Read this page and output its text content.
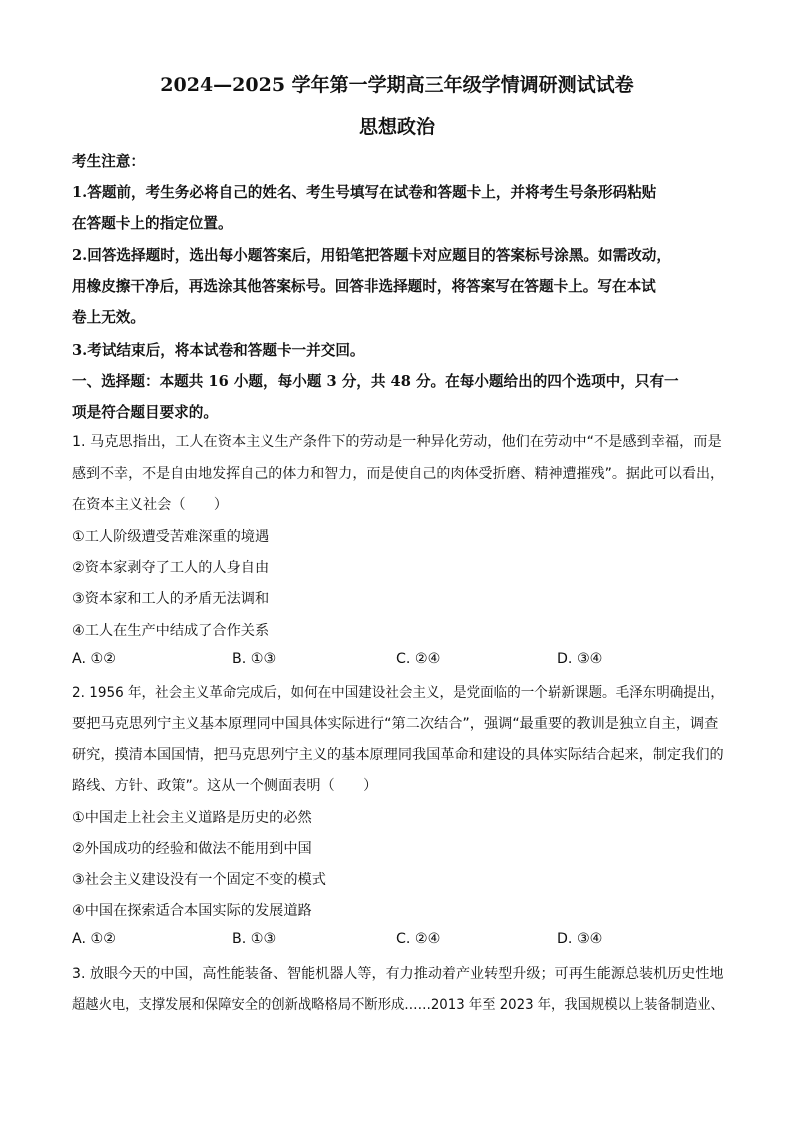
2024—2025 学年第一学期高三年级学情调研测试试卷
思想政治
考生注意：
1.答题前，考生务必将自己的姓名、考生号填写在试卷和答题卡上，并将考生号条形码粘贴
在答题卡上的指定位置。
2.回答选择题时，选出每小题答案后，用铅笔把答题卡对应题目的答案标号涂黑。如需改动，
用橡皮擦干净后，再选涂其他答案标号。回答非选择题时，将答案写在答题卡上。写在本试
卷上无效。
3.考试结束后，将本试卷和答题卡一并交回。
一、选择题：本题共 16 小题，每小题 3 分，共 48 分。在每小题给出的四个选项中，只有一
项是符合题目要求的。
1. 马克思指出，工人在资本主义生产条件下的劳动是一种异化劳动，他们在劳动中“不是感到幸福，而是
感到不幸，不是自由地发挥自己的体力和智力，而是使自己的肉体受折磨、精神遭摧残”。据此可以看出，
在资本主义社会（　　）
①工人阶级遭受苦难深重的境遇
②资本家剥夺了工人的人身自由
③资本家和工人的矛盾无法调和
④工人在生产中结成了合作关系
A. ①②	B. ①③	C. ②④	D. ③④
2. 1956 年，社会主义革命完成后，如何在中国建设社会主义，是党面临的一个崭新课题。毛泽东明确提出，
要把马克思列宁主义基本原理同中国具体实际进行“第二次结合”，强调“最重要的教训是独立自主，调查
研究，摸清本国国情，把马克思列宁主义的基本原理同我国革命和建设的具体实际结合起来，制定我们的
路线、方针、政策”。这从一个侧面表明（　　）
①中国走上社会主义道路是历史的必然
②外国成功的经验和做法不能用到中国
③社会主义建设没有一个固定不变的模式
④中国在探索适合本国实际的发展道路
A. ①②	B. ①③	C. ②④	D. ③④
3. 放眼今天的中国，高性能装备、智能机器人等，有力推动着产业转型升级；可再生能源总装机历史性地
超越火电，支撑发展和保障安全的创新战略格局不断形成……2013 年至 2023 年，我国规模以上装备制造业、
